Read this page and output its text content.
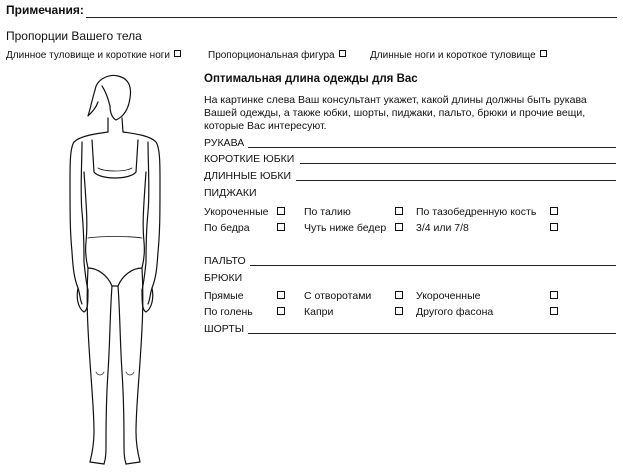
Примечания:
Пропорции Вашего тела
Длинное туловище и короткие ноги	Пропорциональная фигура	Длинные ноги и короткое туловище
Оптимальная длина одежды для Вас
На картинке слева Ваш консультант укажет, какой длины должны быть рукава
Вашей одежды, а также юбки, шорты, пиджаки, пальто, брюки и прочие вещи,
которые Вас интересуют.
РУКАВА
КОРОТКИЕ ЮБКИ
ДЛИННЫЕ ЮБКИ
ПИДЖАКИ
Укороченные	По талию	По тазобедренную кость
По бедра	Чуть ниже бедер	3/4 или 7/8
ПАЛЬТО
БРЮКИ
Прямые	С отворотами	Укороченные
По голень	Капри	Другого фасона
ШОРТЫ
